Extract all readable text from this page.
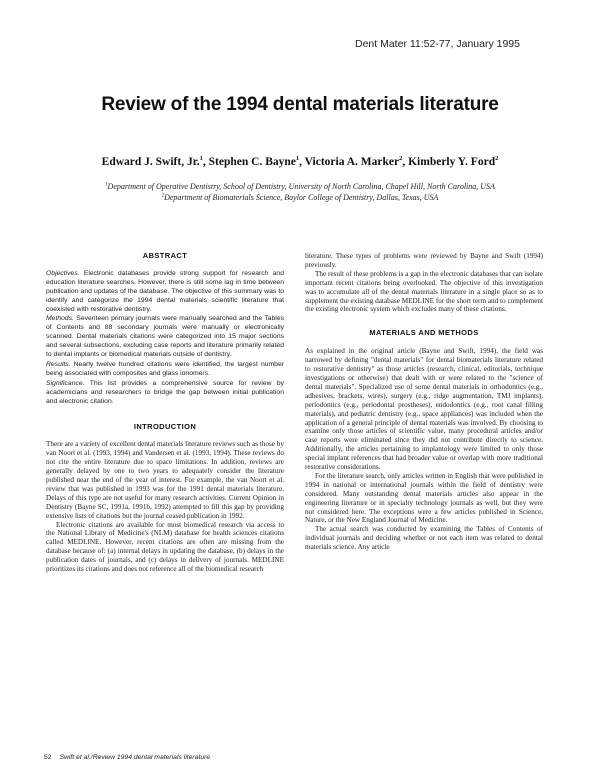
Dent Mater 11:52-77, January 1995
Review of the 1994 dental materials literature
Edward J. Swift, Jr.$^1$, Stephen C. Bayne$^1$, Victoria A. Marker$^2$, Kimberly Y. Ford$^2$
$^1$Department of Operative Dentistry, School of Dentistry, University of North Carolina, Chapel Hill, North Carolina, USA
$^2$Department of Biomaterials Science, Baylor College of Dentistry, Dallas, Texas, USA
ABSTRACT

Objectives. Electronic databases provide strong support for research and education literature searches. However, there is still some lag in time between publication and updates of the database. The objective of this summary was to identify and categorize the 1994 dental materials scientific literature that coexisted with restorative dentistry.

Methods. Seventeen primary journals were manually searched and the Tables of Contents and 88 secondary journals were manually or electronically scanned. Dental materials citations were categorized into 15 major sections and several subsections, excluding case reports and literature primarily related to dental implants or biomedical materials outside of dentistry.

Results. Nearly twelve hundred citations were identified, the largest number being associated with composites and glass ionomers.

Significance. This list provides a comprehensive source for review by academicians and researchers to bridge the gap between initial publication and electronic citation.

INTRODUCTION

There are a variety of excellent dental materials literature reviews such as those by van Noort et al. (1993, 1994) and Vandersen et al. (1993, 1994). These reviews do not cite the entire literature due to space limitations. In addition, reviews are generally delayed by one to two years to adequately consider the literature published near the end of the year of interest. For example, the van Noort et al. review that was published in 1993 was for the 1991 dental materials literature. Delays of this type are not useful for many research activities. Current Opinion in Dentistry (Bayne SC, 1991a, 1991b, 1992) attempted to fill this gap by providing extensive lists of citations but the journal ceased publication in 1992.

Electronic citations are available for most biomedical research via access to the National Library of Medicine's (NLM) database for health sciences citations called MEDLINE. However, recent citations are often are missing from the database because of: (a) internal delays in updating the database, (b) delays in the publication dates of journals, and (c) delays in delivery of journals. MEDLINE prioritizes its citations and does not reference all of the biomedical research

literature. These types of problems were reviewed by Bayne and Swift (1994) previously.

The result of these problems is a gap in the electronic databases that can isolate important recent citations being overlooked. The objective of this investigation was to accumulate all of the dental materials literature in a single place so as to supplement the existing database MEDLINE for the short term and to complement the existing electronic system which excludes many of these citations.

MATERIALS AND METHODS

As explained in the original article (Bayne and Swift, 1994), the field was narrowed by defining "dental materials" for dental biomaterials literature related to restorative dentistry" as those articles (research, clinical, editorials, technique investigations or otherwise) that dealt with or were related to the "science of dental materials". Specialized use of some dental materials in orthodontics (e.g., adhesives, brackets, wires), surgery (e.g., ridge augmentation, TMJ implants), periodontics (e.g., periodontal prostheses), endodontics (e.g., root canal filling materials), and pediatric dentistry (e.g., space appliances) was included when the application of a general principle of dental materials was involved. By choosing to examine only those articles of scientific value, many procedural articles and/or case reports were eliminated since they did not contribute directly to science. Additionally, the articles pertaining to implantology were limited to only those special implant references that had broader value or overlap with more traditional restorative considerations.

For the literature search, only articles written in English that were published in 1994 in national or international journals within the field of dentistry were considered. Many outstanding dental materials articles also appear in the engineering literature or in specialty technology journals as well, but they were not considered here. The exceptions were a few articles published in Science, Nature, or the New England Journal of Medicine.

The actual search was conducted by examining the Tables of Contents of individual journals and deciding whether or not each item was related to dental materials science. Any article

52 Swift et al./Review 1994 dental materials literature
